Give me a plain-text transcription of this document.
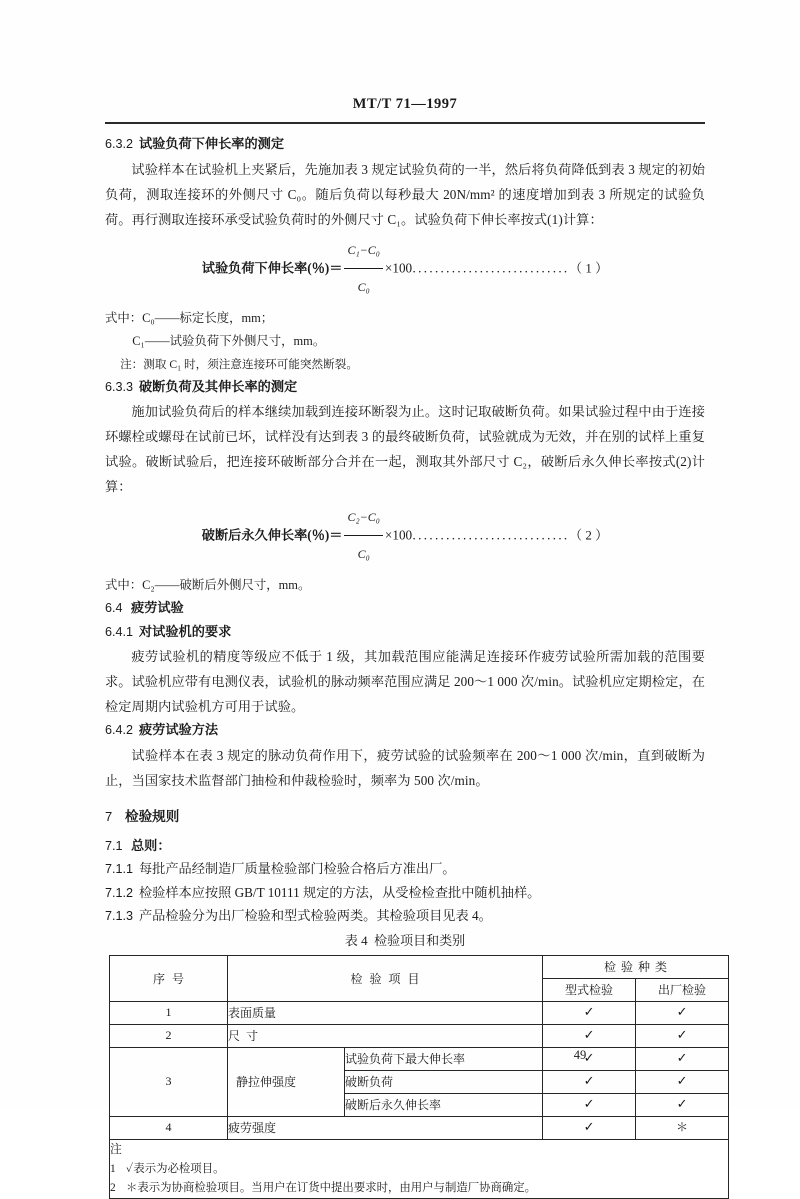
MT/T 71—1997
6.3.2 试验负荷下伸长率的测定

试验样本在试验机上夹紧后，先施加表 3 规定试验负荷的一半，然后将负荷降低到表 3 规定的初始负荷，测取连接环的外侧尺寸 C₀。随后负荷以每秒最大 20N/mm² 的速度增加到表 3 所规定的试验负荷。再行测取连接环承受试验负荷时的外侧尺寸 C₁。试验负荷下伸长率按式(1)计算：

试验负荷下伸长率(％)＝ $\frac{\text{C₁−C₀}}{\text{C₀}}$ ×100․․․․․․․․․․․․․․․․․․․․․․․․․․․․（ 1 ）
式中：C₀——标定长度，mm；
C₁——试验负荷下外侧尺寸，mm。
注：测取 C₁ 时，须注意连接环可能突然断裂。
6.3.3 破断负荷及其伸长率的测定

施加试验负荷后的样本继续加载到连接环断裂为止。这时记取破断负荷。如果试验过程中由于连接环螺栓或螺母在试前已坏，试样没有达到表 3 的最终破断负荷，试验就成为无效，并在别的试样上重复试验。破断试验后，把连接环破断部分合并在一起，测取其外部尺寸 C₂，破断后永久伸长率按式(2)计算：

破断后永久伸长率(％)＝ $\frac{\text{C₂−C₀}}{\text{C₀}}$ ×100․․․․․․․․․․․․․․․․․․․․․․․․․․․․（ 2 ）
式中：C₂——破断后外侧尺寸，mm。
6.4 疲劳试验
6.4.1 对试验机的要求

疲劳试验机的精度等级应不低于 1 级，其加载范围应能满足连接环作疲劳试验所需加载的范围要求。试验机应带有电测仪表，试验机的脉动频率范围应满足 200～1 000 次/min。试验机应定期检定，在检定周期内试验机方可用于试验。

6.4.2 疲劳试验方法

试验样本在表 3 规定的脉动负荷作用下，疲劳试验的试验频率在 200～1 000 次/min，直到破断为止，当国家技术监督部门抽检和仲裁检验时，频率为 500 次/min。

7 检验规则
7.1 总则：
7.1.1 每批产品经制造厂质量检验部门检验合格后方准出厂。
7.1.2 检验样本应按照 GB/T 10111 规定的方法，从受检检查批中随机抽样。
7.1.3 产品检验分为出厂检验和型式检验两类。其检验项目见表 4。
表 4 检验项目和类别
序号	检验项目		检验种类	
			型式检验	出厂检验
1	表面质量		✓	✓
2	尺寸		✓	✓
3	静拉伸强度	试验负荷下最大伸长率	✓	✓
		破断负荷	✓	✓
		破断后永久伸长率	✓	✓
4	疲劳强度		✓	＊

注
1 ✓表示为必检项目。
2 ＊表示为协商检验项目。当用户在订货中提出要求时，由用户与制造厂协商确定。				
49
